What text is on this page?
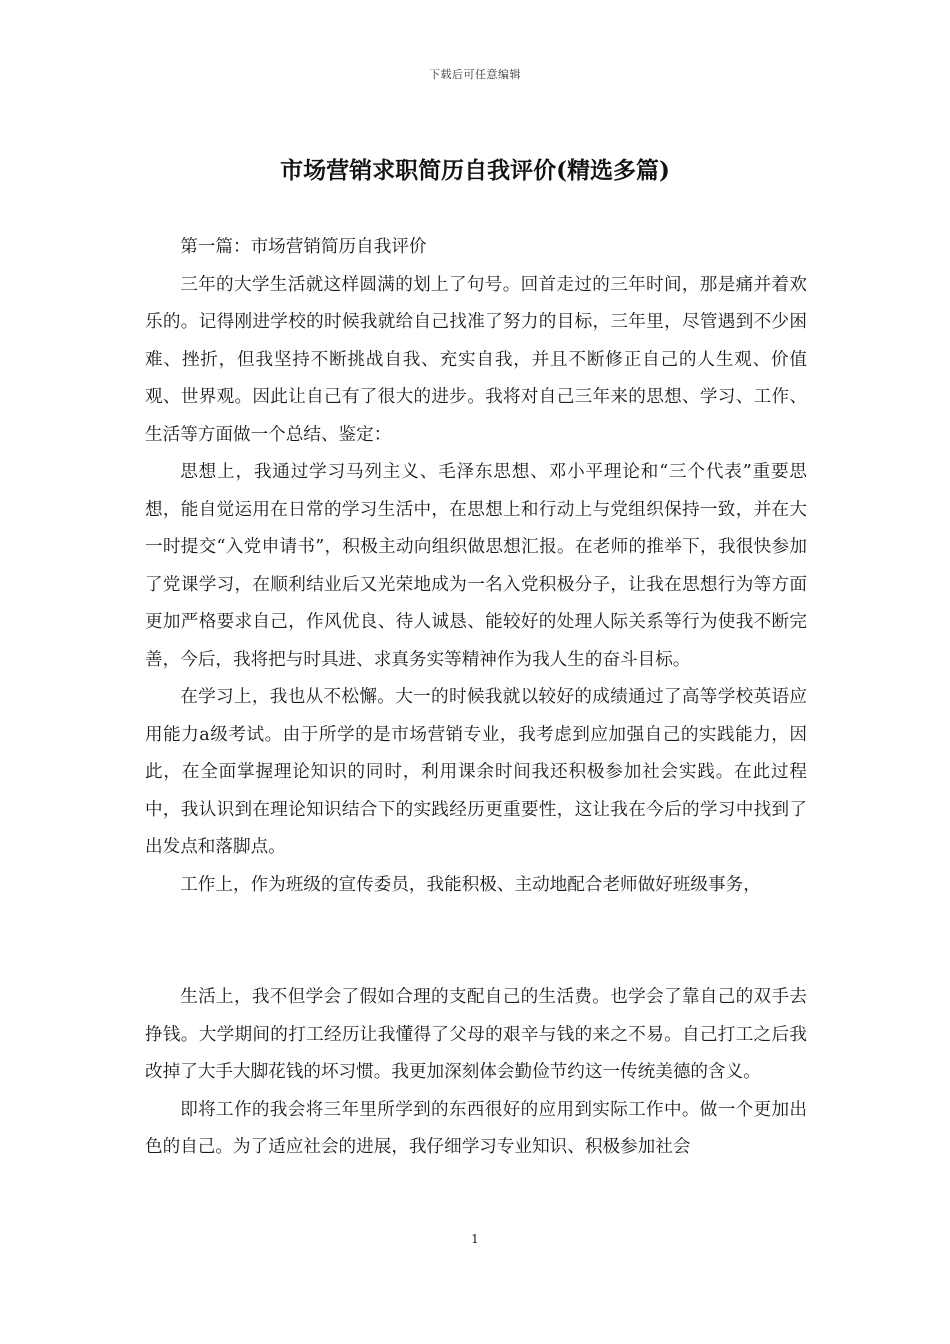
下载后可任意编辑
市场营销求职简历自我评价(精选多篇)

第一篇：市场营销简历自我评价

三年的大学生活就这样圆满的划上了句号。回首走过的三年时间，那是痛并着欢乐的。记得刚进学校的时候我就给自己找准了努力的目标，三年里，尽管遇到不少困难、挫折，但我坚持不断挑战自我、充实自我，并且不断修正自己的人生观、价值观、世界观。因此让自己有了很大的进步。我将对自己三年来的思想、学习、工作、生活等方面做一个总结、鉴定：

思想上，我通过学习马列主义、毛泽东思想、邓小平理论和“三个代表”重要思想，能自觉运用在日常的学习生活中，在思想上和行动上与党组织保持一致，并在大一时提交“入党申请书”，积极主动向组织做思想汇报。在老师的推举下，我很快参加了党课学习，在顺利结业后又光荣地成为一名入党积极分子，让我在思想行为等方面更加严格要求自己，作风优良、待人诚恳、能较好的处理人际关系等行为使我不断完善，今后，我将把与时具进、求真务实等精神作为我人生的奋斗目标。

在学习上，我也从不松懈。大一的时候我就以较好的成绩通过了高等学校英语应用能力a级考试。由于所学的是市场营销专业，我考虑到应加强自己的实践能力，因此，在全面掌握理论知识的同时，利用课余时间我还积极参加社会实践。在此过程中，我认识到在理论知识结合下的实践经历更重要性，这让我在今后的学习中找到了出发点和落脚点。

工作上，作为班级的宣传委员，我能积极、主动地配合老师做好班级事务，

生活上，我不但学会了假如合理的支配自己的生活费。也学会了靠自己的双手去挣钱。大学期间的打工经历让我懂得了父母的艰辛与钱的来之不易。自己打工之后我改掉了大手大脚花钱的坏习惯。我更加深刻体会勤俭节约这一传统美德的含义。

即将工作的我会将三年里所学到的东西很好的应用到实际工作中。做一个更加出色的自己。为了适应社会的进展，我仔细学习专业知识、积极参加社会

1
